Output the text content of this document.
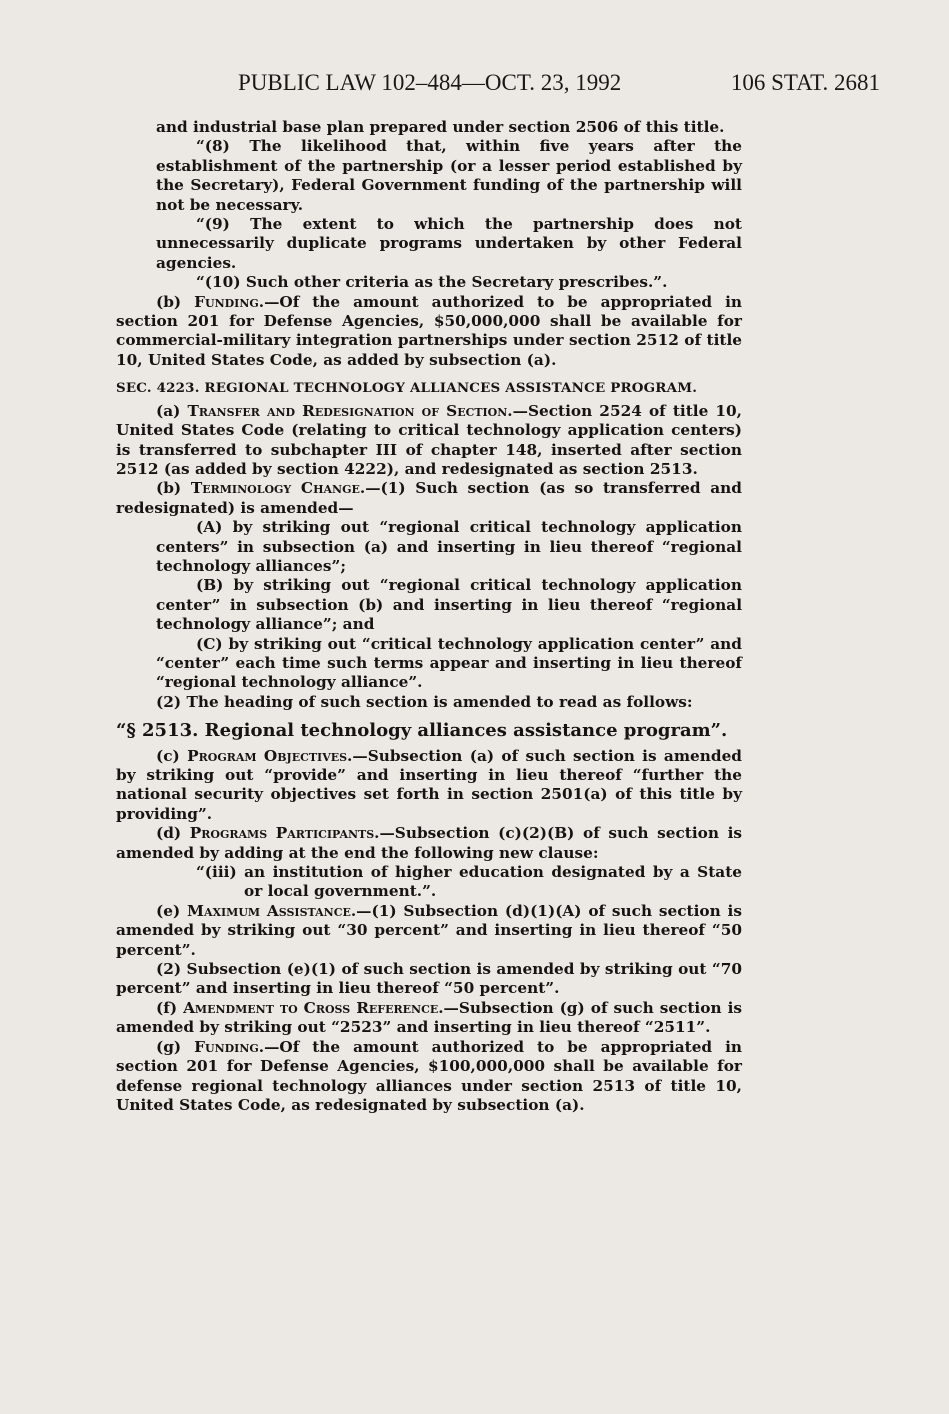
PUBLIC LAW 102–484—OCT. 23, 1992	106 STAT. 2681

and industrial base plan prepared under section 2506 of this title.

“(8) The likelihood that, within five years after the establishment of the partnership (or a lesser period established by the Secretary), Federal Government funding of the partnership will not be necessary.

“(9) The extent to which the partnership does not unnecessarily duplicate programs undertaken by other Federal agencies.

“(10) Such other criteria as the Secretary prescribes.”.

(b) Funding.—Of the amount authorized to be appropriated in section 201 for Defense Agencies, $50,000,000 shall be available for commercial-military integration partnerships under section 2512 of title 10, United States Code, as added by subsection (a).

SEC. 4223. REGIONAL TECHNOLOGY ALLIANCES ASSISTANCE PROGRAM.

(a) Transfer and Redesignation of Section.—Section 2524 of title 10, United States Code (relating to critical technology application centers) is transferred to subchapter III of chapter 148, inserted after section 2512 (as added by section 4222), and redesignated as section 2513.

(b) Terminology Change.—(1) Such section (as so transferred and redesignated) is amended—

(A) by striking out “regional critical technology application centers” in subsection (a) and inserting in lieu thereof “regional technology alliances”;

(B) by striking out “regional critical technology application center” in subsection (b) and inserting in lieu thereof “regional technology alliance”; and

(C) by striking out “critical technology application center” and “center” each time such terms appear and inserting in lieu thereof “regional technology alliance”.

(2) The heading of such section is amended to read as follows:

“§ 2513. Regional technology alliances assistance program”.

(c) Program Objectives.—Subsection (a) of such section is amended by striking out “provide” and inserting in lieu thereof “further the national security objectives set forth in section 2501(a) of this title by providing”.

(d) Programs Participants.—Subsection (c)(2)(B) of such section is amended by adding at the end the following new clause:

“(iii) an institution of higher education designated by a State or local government.”.

(e) Maximum Assistance.—(1) Subsection (d)(1)(A) of such section is amended by striking out “30 percent” and inserting in lieu thereof “50 percent”.

(2) Subsection (e)(1) of such section is amended by striking out “70 percent” and inserting in lieu thereof “50 percent”.

(f) Amendment to Cross Reference.—Subsection (g) of such section is amended by striking out “2523” and inserting in lieu thereof “2511”.

(g) Funding.—Of the amount authorized to be appropriated in section 201 for Defense Agencies, $100,000,000 shall be available for defense regional technology alliances under section 2513 of title 10, United States Code, as redesignated by subsection (a).
